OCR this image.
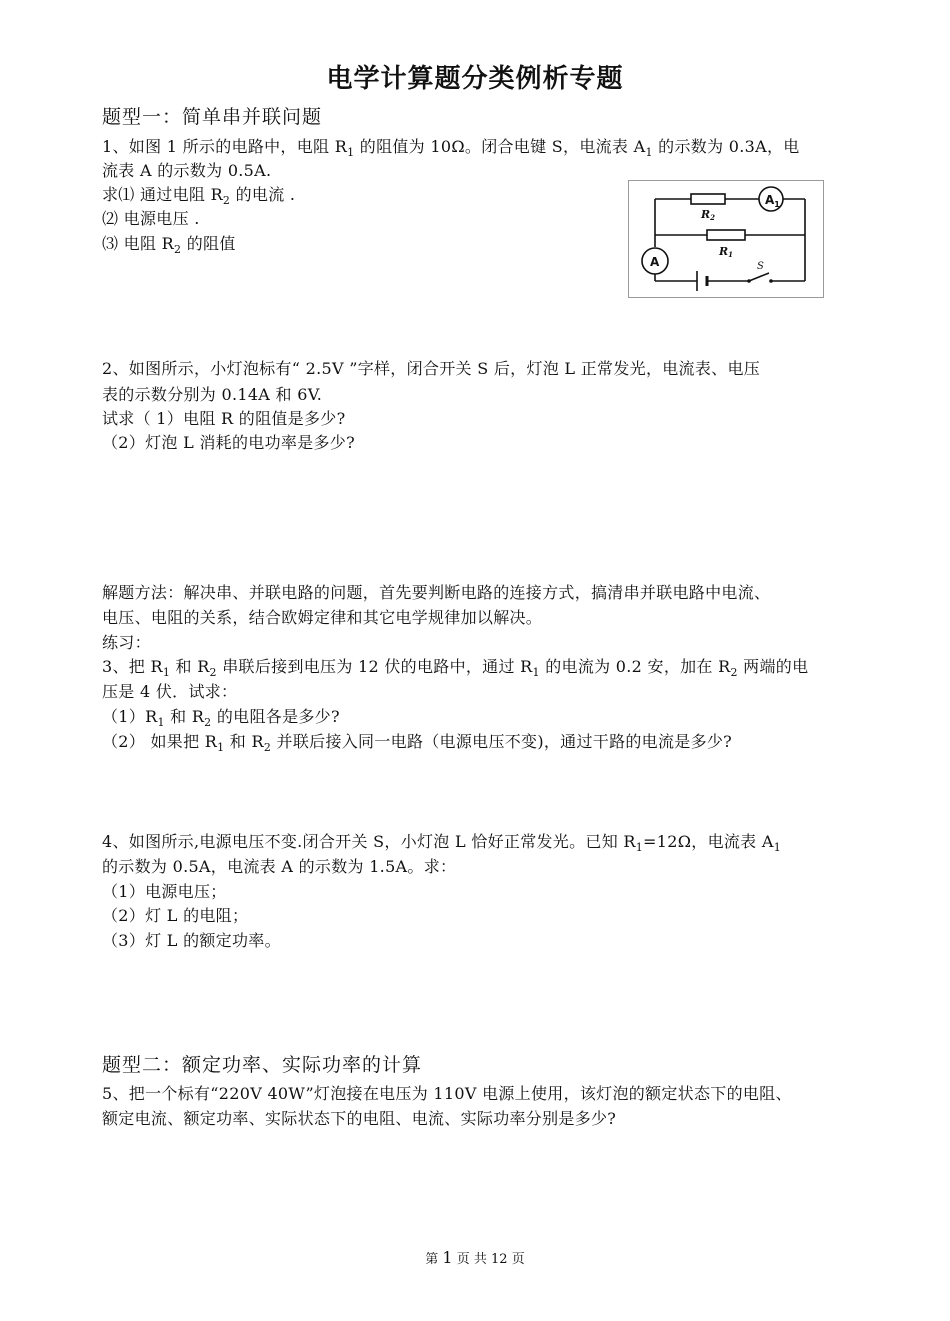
电学计算题分类例析专题
题型一：简单串并联问题
1、如图 1 所示的电路中，电阻 $R_1$ 的阻值为 10Ω。闭合电键 S，电流表 $A_1$ 的示数为 0.3A，电
流表 A 的示数为 0.5A.
求⑴ 通过电阻 $R_2$ 的电流 .
⑵ 电源电压 .
⑶ 电阻 $R_2$ 的阻值
$A_1$
R2
R1
A	S
2、如图所示，小灯泡标有“ 2.5V ”字样，闭合开关 S 后，灯泡 L 正常发光，电流表、电压
表的示数分别为 0.14A 和 6V.
试求（ 1）电阻 R 的阻值是多少?
（2）灯泡 L 消耗的电功率是多少?
解题方法：解决串、并联电路的问题，首先要判断电路的连接方式，搞清串并联电路中电流、
电压、电阻的关系，结合欧姆定律和其它电学规律加以解决。
练习：
3、把 $R_1$ 和 $R_2$ 串联后接到电压为 12 伏的电路中，通过 $R_1$ 的电流为 0.2 安，加在 $R_2$ 两端的电
压是 4 伏．试求：
$(1)R_1$ 和 $R_2$ 的电阻各是多少?
（2） 如果把 $R_1$ 和 $R_2$ 并联后接入同一电路（电源电压不变)，通过干路的电流是多少?
4、如图所示,电源电压不变.闭合开关 S，小灯泡 L 恰好正常发光。已知 $R_1=12\Omega$，电流表 $A_1$
的示数为 0.5A，电流表 A 的示数为 1.5A。求：
（1）电源电压；
（2）灯 L 的电阻；
（3）灯 L 的额定功率。
题型二：额定功率、实际功率的计算
5、把一个标有“220V 40W”灯泡接在电压为 110V 电源上使用，该灯泡的额定状态下的电阻、
额定电流、额定功率、实际状态下的电阻、电流、实际功率分别是多少?
第 1 页 共 12 页
